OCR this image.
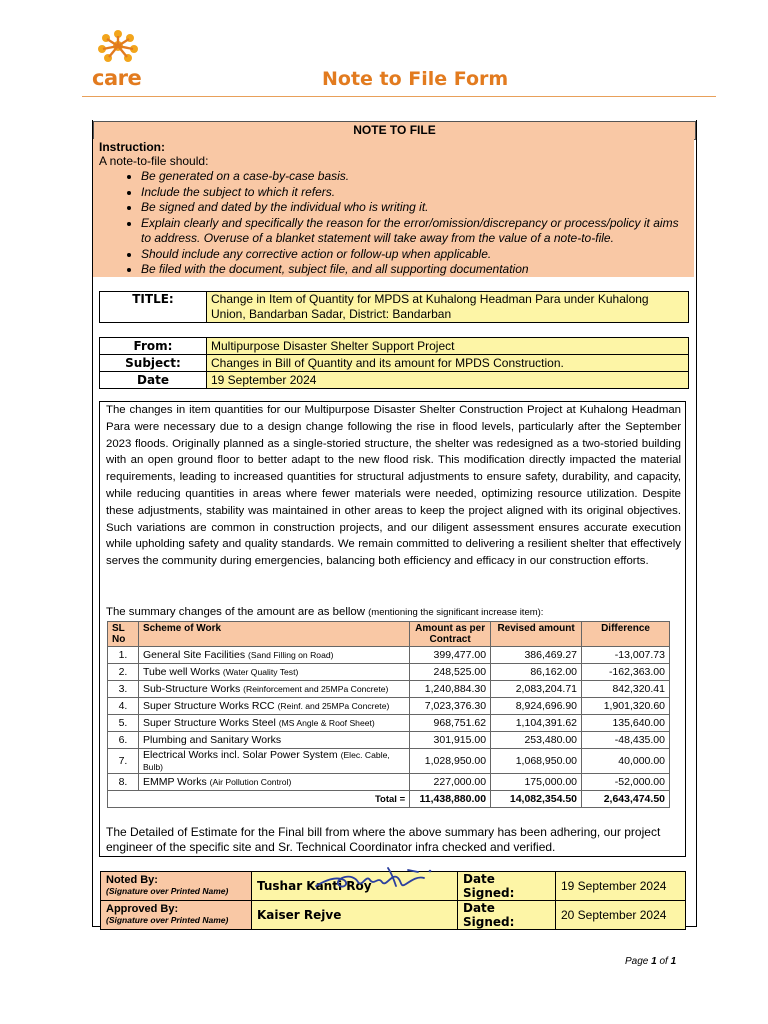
care	Note to File Form
NOTE TO FILE
Instruction:
A note-to-file should:
• Be generated on a case-by-case basis.
• Include the subject to which it refers.
• Be signed and dated by the individual who is writing it.
• Explain clearly and specifically the reason for the error/omission/discrepancy or process/policy it aims to address. Overuse of a blanket statement will take away from the value of a note-to-file.
• Should include any corrective action or follow-up when applicable.
• Be filed with the document, subject file, and all supporting documentation
TITLE:	Change in Item of Quantity for MPDS at Kuhalong Headman Para under Kuhalong Union, Bandarban Sadar, District: Bandarban
From:	Multipurpose Disaster Shelter Support Project
Subject:	Changes in Bill of Quantity and its amount for MPDS Construction.
Date	19 September 2024
The changes in item quantities for our Multipurpose Disaster Shelter Construction Project at Kuhalong Headman Para were necessary due to a design change following the rise in flood levels, particularly after the September 2023 floods. Originally planned as a single-storied structure, the shelter was redesigned as a two-storied building with an open ground floor to better adapt to the new flood risk. This modification directly impacted the material requirements, leading to increased quantities for structural adjustments to ensure safety, durability, and capacity, while reducing quantities in areas where fewer materials were needed, optimizing resource utilization. Despite these adjustments, stability was maintained in other areas to keep the project aligned with its original objectives. Such variations are common in construction projects, and our diligent assessment ensures accurate execution while upholding safety and quality standards. We remain committed to delivering a resilient shelter that effectively serves the community during emergencies, balancing both efficiency and efficacy in our construction efforts.
The summary changes of the amount are as bellow (mentioning the significant increase item):
SL No	Scheme of Work	Amount as per Contract	Revised amount	Difference
1.	General Site Facilities (Sand Filling on Road)	399,477.00	386,469.27	-13,007.73
2.	Tube well Works (Water Quality Test)	248,525.00	86,162.00	-162,363.00
3.	Sub-Structure Works (Reinforcement and 25MPa Concrete)	1,240,884.30	2,083,204.71	842,320.41
4.	Super Structure Works RCC (Reinf. and 25MPa Concrete)	7,023,376.30	8,924,696.90	1,901,320.60
5.	Super Structure Works Steel (MS Angle & Roof Sheet)	968,751.62	1,104,391.62	135,640.00
6.	Plumbing and Sanitary Works	301,915.00	253,480.00	-48,435.00
7.	Electrical Works incl. Solar Power System (Elec. Cable, Bulb)	1,028,950.00	1,068,950.00	40,000.00
8.	EMMP Works (Air Pollution Control)	227,000.00	175,000.00	-52,000.00
Total =		11,438,880.00	14,082,354.50	2,643,474.50
The Detailed of Estimate for the Final bill from where the above summary has been adhering, our project engineer of the specific site and Sr. Technical Coordinator infra checked and verified.
Noted By:
(Signature over Printed Name)	Tushar Kanti Roy	Date Signed:	19 September 2024

Approved By:
(Signature over Printed Name)	Kaiser Rejve	Date Signed:	20 September 2024
Page 1 of 1
